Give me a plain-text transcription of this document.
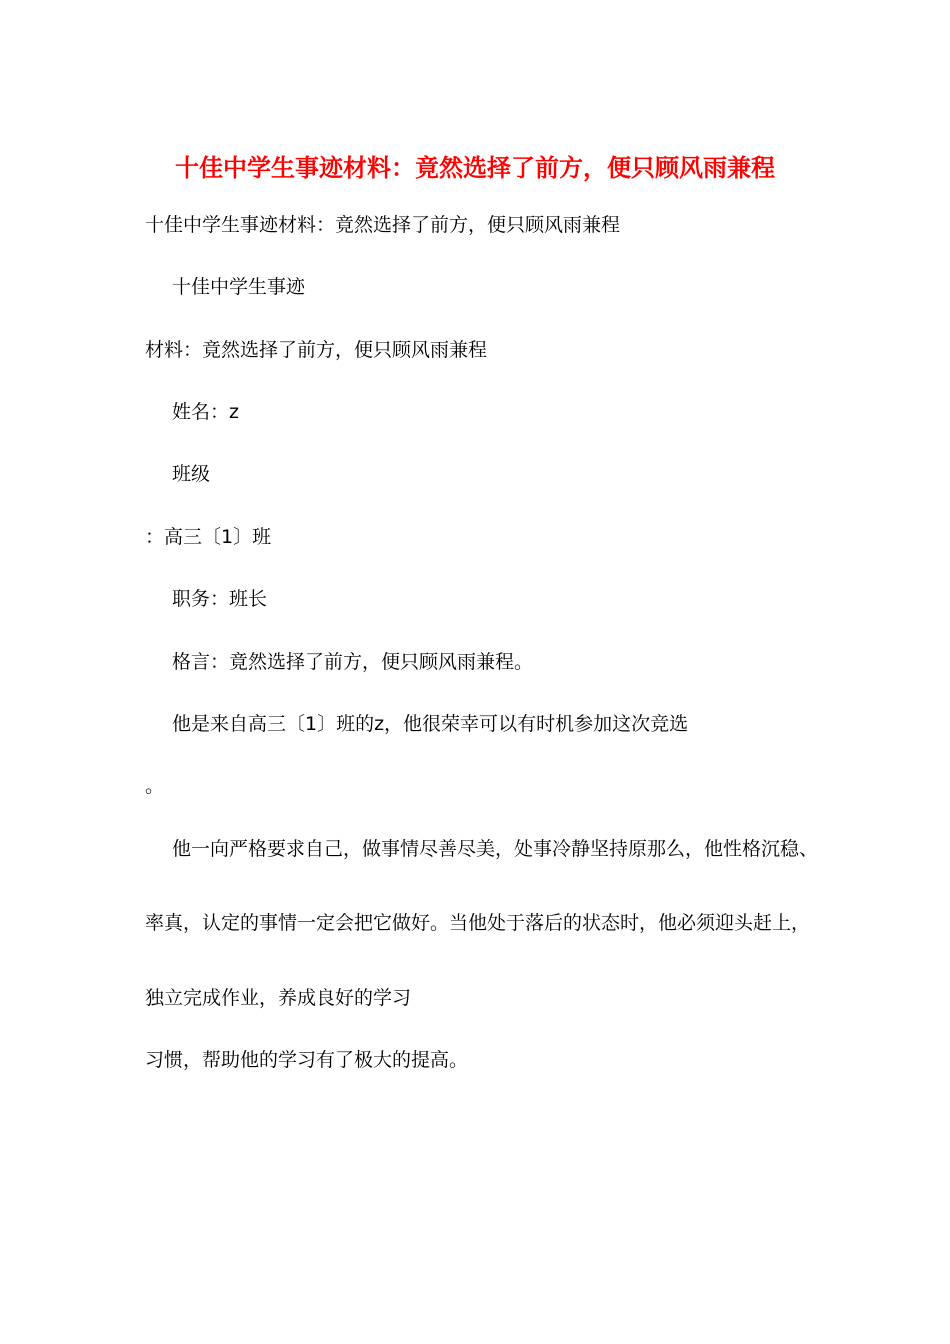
十佳中学生事迹材料：竟然选择了前方，便只顾风雨兼程
十佳中学生事迹材料：竟然选择了前方，便只顾风雨兼程
十佳中学生事迹
材料：竟然选择了前方，便只顾风雨兼程
姓名：z
班级
：高三〔1〕班
职务：班长
格言：竟然选择了前方，便只顾风雨兼程。
他是来自高三〔1〕班的z，他很荣幸可以有时机参加这次竞选
。
他一向严格要求自己，做事情尽善尽美，处事冷静坚持原那么，他性格沉稳、
率真，认定的事情一定会把它做好。当他处于落后的状态时，他必须迎头赶上，
独立完成作业，养成良好的学习
习惯，帮助他的学习有了极大的提高。
